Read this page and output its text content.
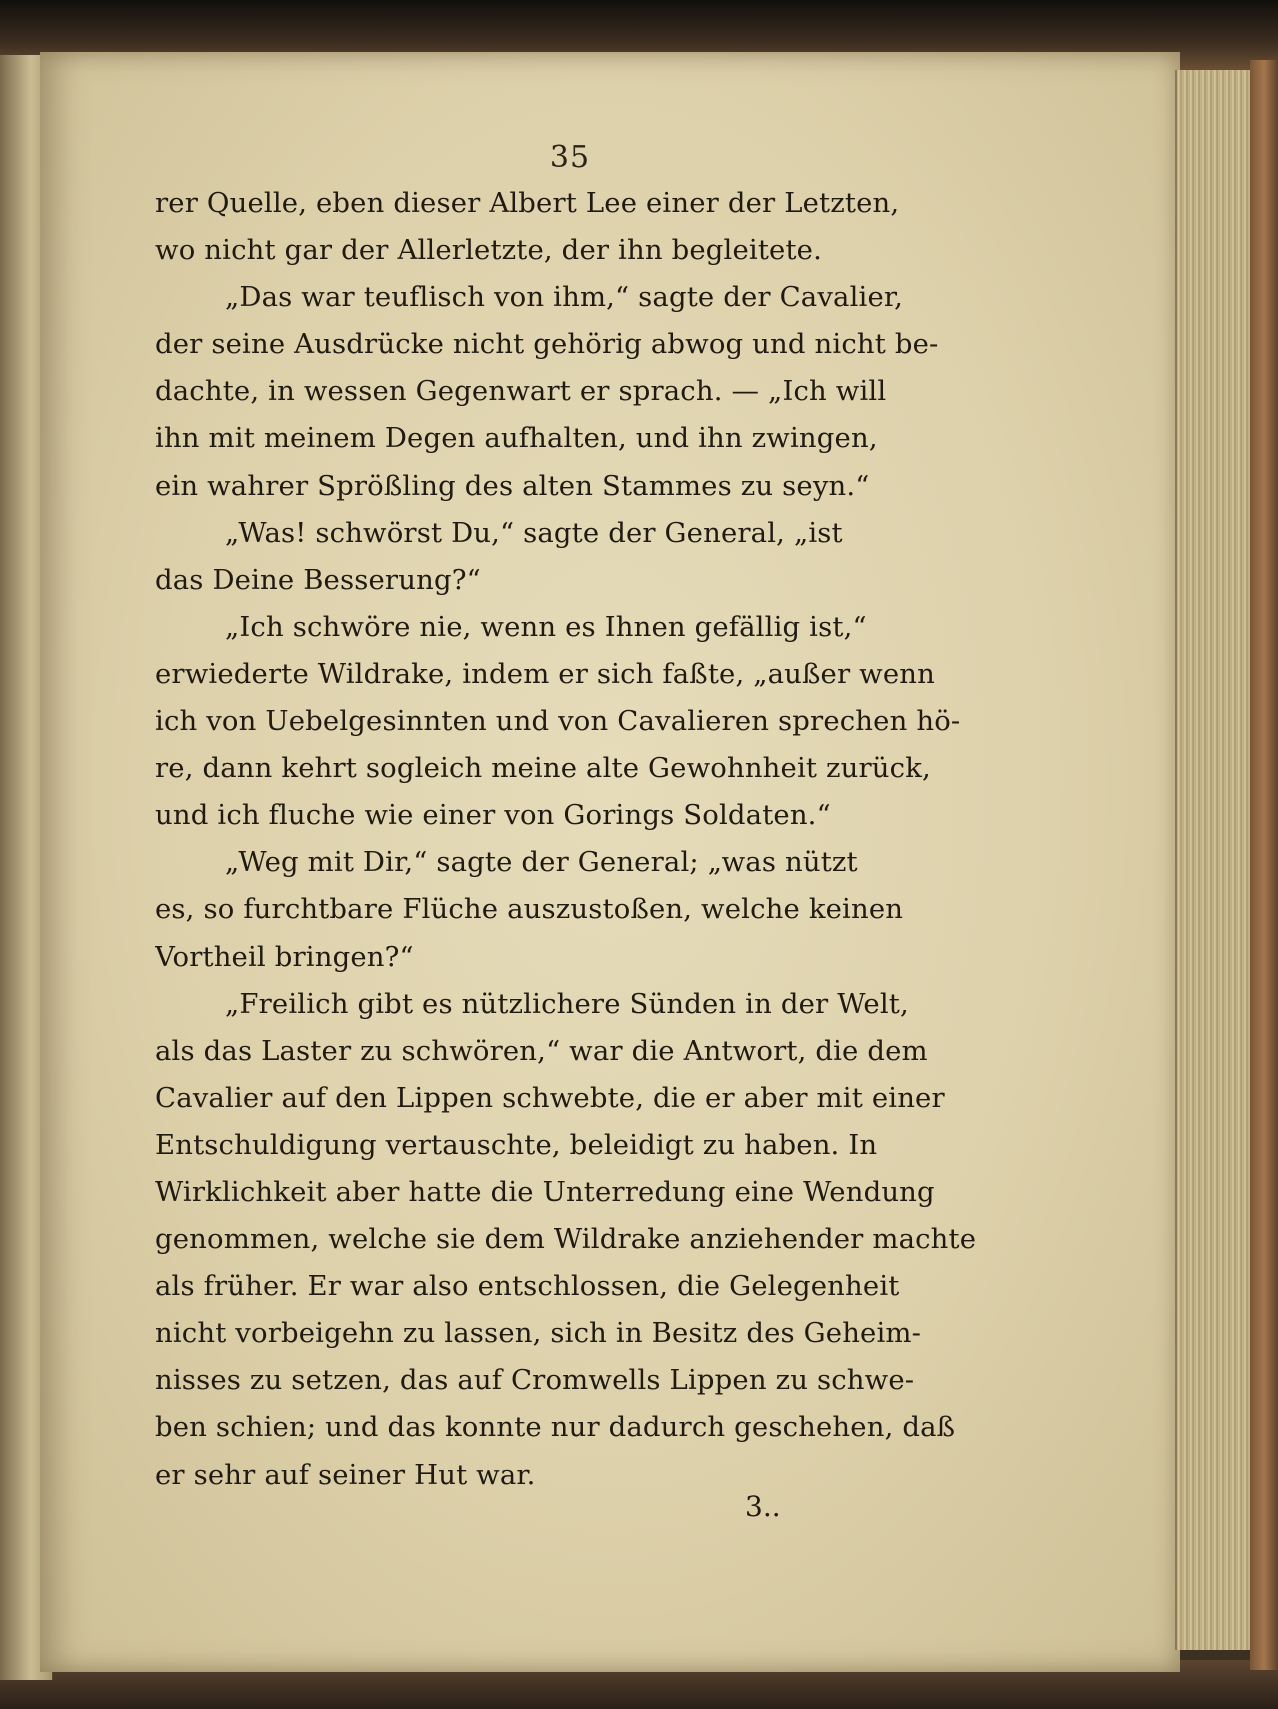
35
rer Quelle, eben dieser Albert Lee einer der Letzten,
wo nicht gar der Allerletzte, der ihn begleitete.
„Das war teuflisch von ihm,“ sagte der Cavalier,
der seine Ausdrücke nicht gehörig abwog und nicht be-
dachte, in wessen Gegenwart er sprach. — „Ich will
ihn mit meinem Degen aufhalten, und ihn zwingen,
ein wahrer Sprößling des alten Stammes zu seyn.“
„Was! schwörst Du,“ sagte der General, „ist
das Deine Besserung?“
„Ich schwöre nie, wenn es Ihnen gefällig ist,“
erwiederte Wildrake, indem er sich faßte, „außer wenn
ich von Uebelgesinnten und von Cavalieren sprechen hö-
re, dann kehrt sogleich meine alte Gewohnheit zurück,
und ich fluche wie einer von Gorings Soldaten.“
„Weg mit Dir,“ sagte der General; „was nützt
es, so furchtbare Flüche auszustoßen, welche keinen
Vortheil bringen?“
„Freilich gibt es nützlichere Sünden in der Welt,
als das Laster zu schwören,“ war die Antwort, die dem
Cavalier auf den Lippen schwebte, die er aber mit einer
Entschuldigung vertauschte, beleidigt zu haben. In
Wirklichkeit aber hatte die Unterredung eine Wendung
genommen, welche sie dem Wildrake anziehender machte
als früher. Er war also entschlossen, die Gelegenheit
nicht vorbeigehn zu lassen, sich in Besitz des Geheim-
nisses zu setzen, das auf Cromwells Lippen zu schwe-
ben schien; und das konnte nur dadurch geschehen, daß
er sehr auf seiner Hut war.
3..
